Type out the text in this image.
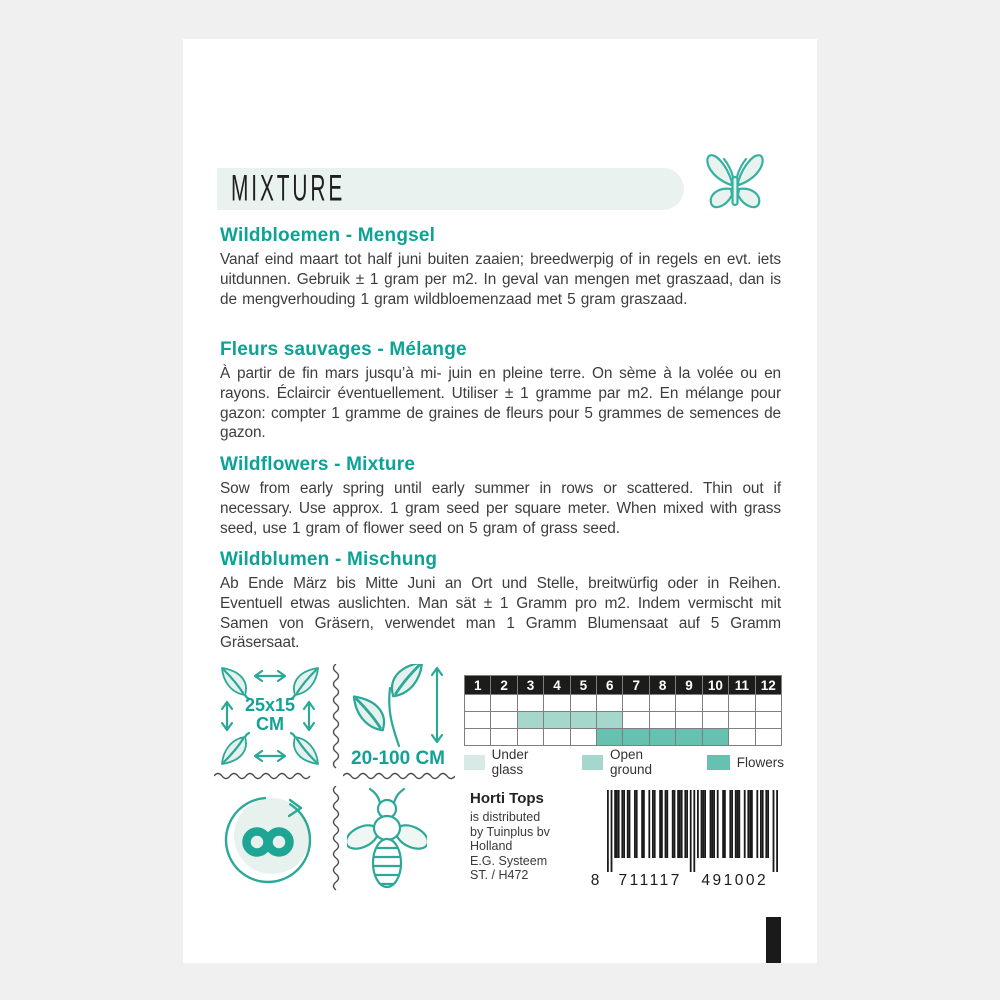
MIXTURE
Wildbloemen - Mengsel

Vanaf eind maart tot half juni buiten zaaien; breedwerpig of in regels en evt. iets uitdunnen. Gebruik ± 1 gram per m2. In geval van mengen met graszaad, dan is de mengverhouding 1 gram wildbloemenzaad met 5 gram graszaad.

Fleurs sauvages - Mélange

À partir de fin mars jusqu’à mi- juin en pleine terre. On sème à la volée ou en rayons. Éclaircir éventuellement. Utiliser ± 1 gramme par m2. En mélange pour gazon: compter 1 gramme de graines de fleurs pour 5 grammes de semences de gazon.

Wildflowers - Mixture

Sow from early spring until early summer in rows or scattered. Thin out if necessary. Use approx. 1 gram seed per square meter. When mixed with grass seed, use 1 gram of flower seed on 5 gram of grass seed.

Wildblumen - Mischung

Ab Ende März bis Mitte Juni an Ort und Stelle, breitwürfig oder in Reihen. Eventuell etwas auslichten. Man sät ± 1 Gramm pro m2. Indem vermischt mit Samen von Gräsern, verwendet man 1 Gramm Blumensaat auf 5 Gramm Gräsersaat.

25x15
CM
20-100 CM
1	2	3	4	5	6	7	8	9	10 11 12
Under glass
Open ground	Flowers
Horti Tops
is distributed
by Tuinplus bv
Holland
E.G. Systeem
ST. / H472	8 711117 491002
